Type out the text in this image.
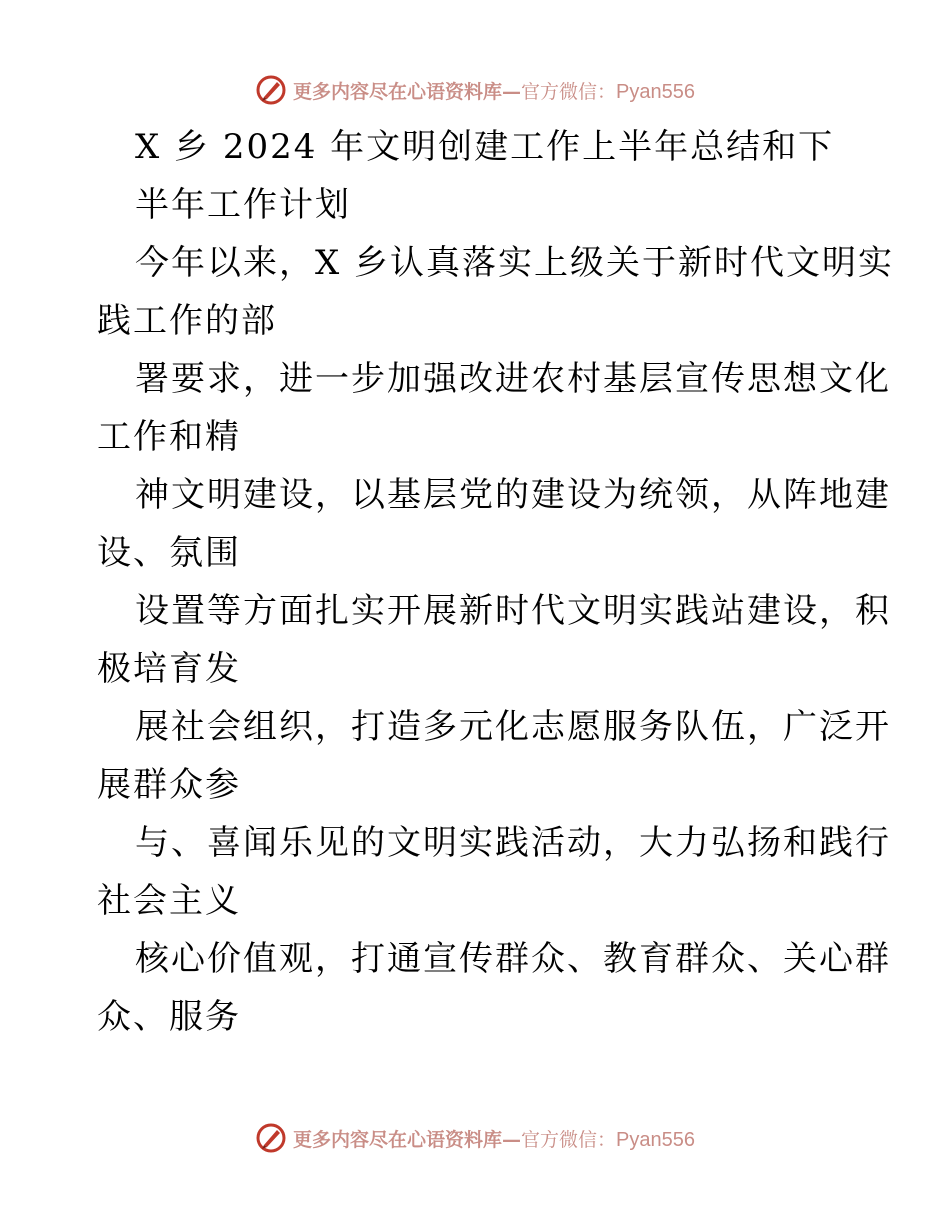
更多内容尽在心语资料库—官方微信：Pyan556
X 乡 2024 年文明创建工作上半年总结和下
半年工作计划
今年以来，X 乡认真落实上级关于新时代文明实
践工作的部
署要求，进一步加强改进农村基层宣传思想文化
工作和精
神文明建设，以基层党的建设为统领，从阵地建
设、氛围
设置等方面扎实开展新时代文明实践站建设，积
极培育发
展社会组织，打造多元化志愿服务队伍，广泛开
展群众参
与、喜闻乐见的文明实践活动，大力弘扬和践行
社会主义
核心价值观，打通宣传群众、教育群众、关心群
众、服务
更多内容尽在心语资料库—官方微信：Pyan556
